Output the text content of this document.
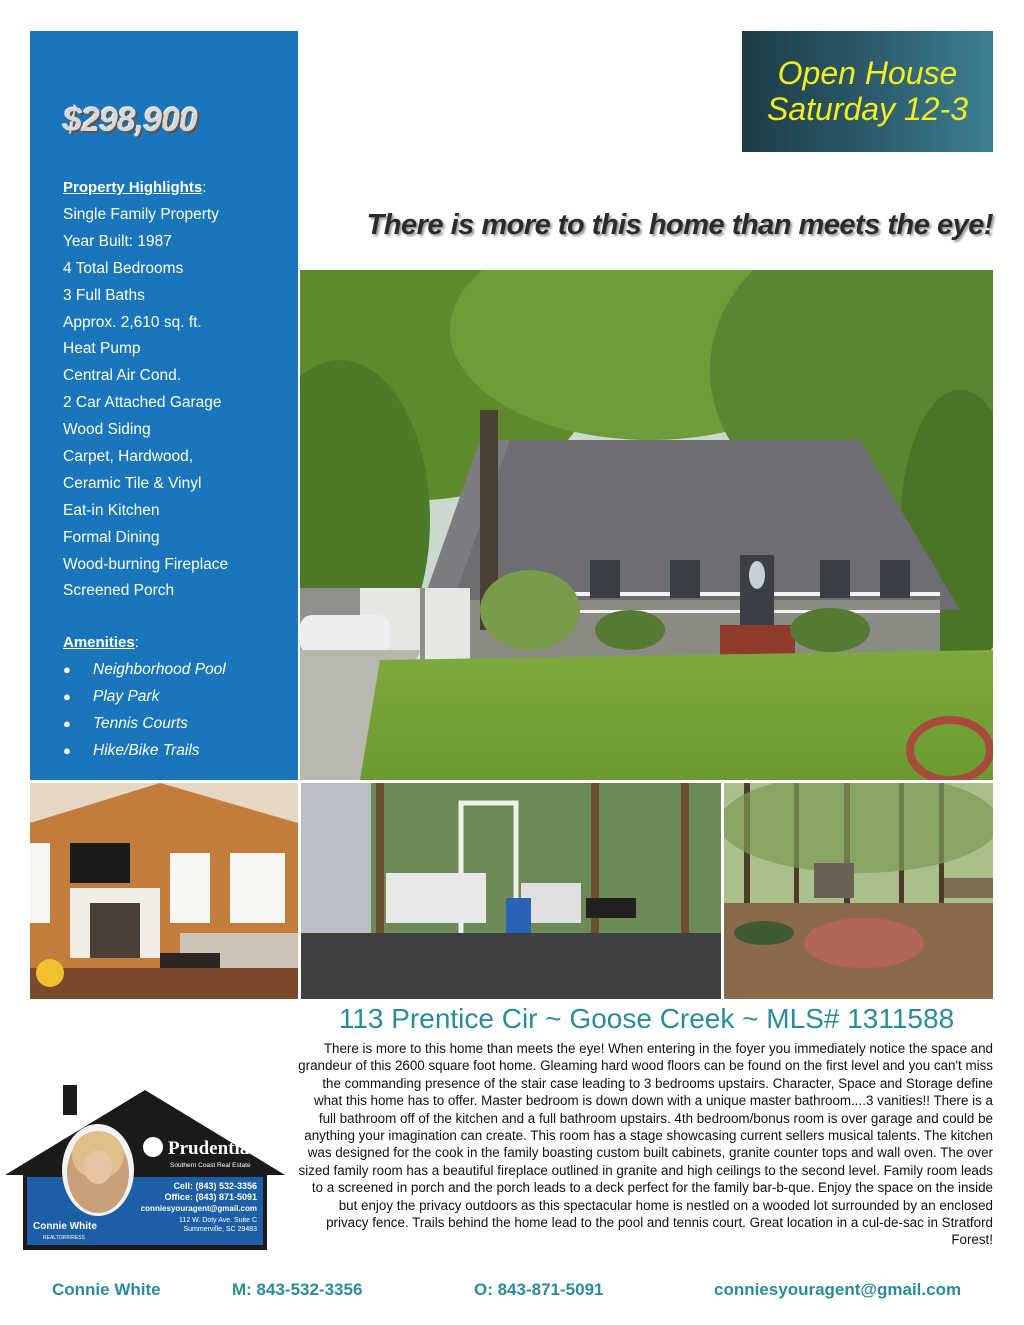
$298,900
Property Highlights:
Single Family Property
Year Built: 1987
4 Total Bedrooms
3 Full Baths
Approx. 2,610 sq. ft.
Heat Pump
Central Air Cond.
2 Car Attached Garage
Wood Siding
Carpet, Hardwood,
Ceramic Tile & Vinyl
Eat-in Kitchen
Formal Dining
Wood-burning Fireplace
Screened Porch
Amenities:
● Neighborhood Pool
● Play Park
● Tennis Courts
● Hike/Bike Trails
Open House
Saturday 12-3
There is more to this home than meets the eye!
113 Prentice Cir ~ Goose Creek ~ MLS# 1311588
There is more to this home than meets the eye! When entering in the foyer you immediately notice the space and grandeur of this 2600 square foot home. Gleaming hard wood floors can be found on the first level and you can't miss the commanding presence of the stair case leading to 3 bedrooms upstairs. Character, Space and Storage define what this home has to offer. Master bedroom is down down with a unique master bathroom....3 vanities!! There is a full bathroom off of the kitchen and a full bathroom upstairs. 4th bedroom/bonus room is over garage and could be anything your imagination can create. This room has a stage showcasing current sellers musical talents. The kitchen was designed for the cook in the family boasting custom built cabinets, granite counter tops and wall oven. The over sized family room has a beautiful fireplace outlined in granite and high ceilings to the second level. Family room leads to a screened in porch and the porch leads to a deck perfect for the family bar-b-que. Enjoy the space on the inside but enjoy the privacy outdoors as this spectacular home is nestled on a wooded lot surrounded by an enclosed privacy fence. Trails behind the home lead to the pool and tennis court. Great location in a cul-de-sac in Stratford Forest!
Prudential
Southern Coast Real Estate
Cell: (843) 532-3356
Office: (843) 871-5091
conniesyouragent@gmail.com
112 W. Doty Ave. Suite C
Summerville, SC 29483
Connie White
REALTOR®/RESS
Connie White	M: 843-532-3356	O: 843-871-5091	conniesyouragent@gmail.com
